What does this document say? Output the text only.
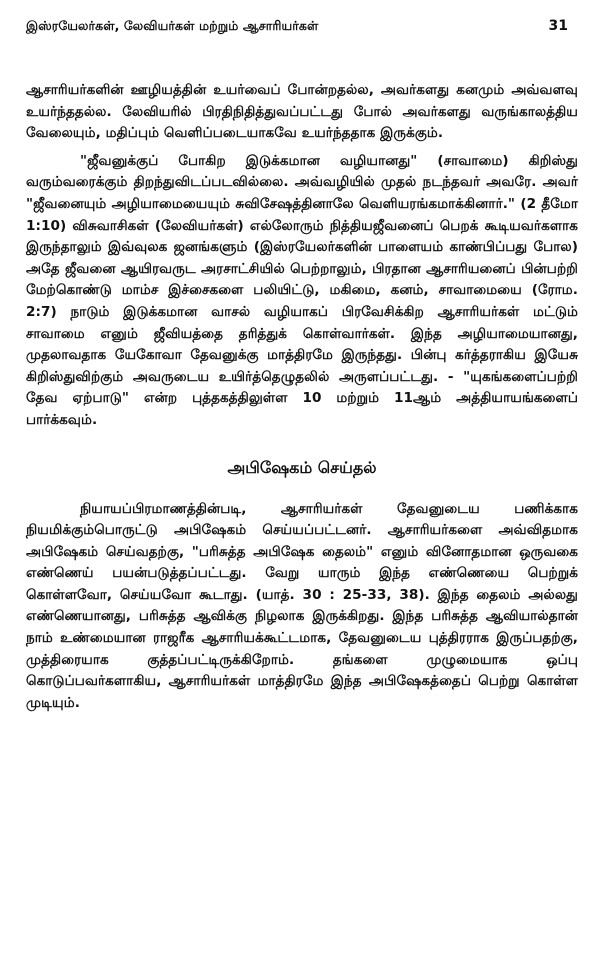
இஸ்ரயேலர்கள், லேவியர்கள் மற்றும் ஆசாரியர்கள்	31

ஆசாரியர்களின் ஊழியத்தின் உயர்வைப் போன்றதல்ல, அவர்களது கனமும் அவ்வளவு உயர்ந்ததல்ல. லேவியரில் பிரதிநிதித்துவப்பட்டது போல் அவர்களது வருங்காலத்திய வேலையும், மதிப்பும் வெளிப்படையாகவே உயர்ந்ததாக இருக்கும்.

"ஜீவனுக்குப் போகிற இடுக்கமான வழியானது" (சாவாமை) கிறிஸ்து வரும்வரைக்கும் திறந்துவிடப்படவில்லை. அவ்வழியில் முதல் நடந்தவர் அவரே. அவர் "ஜீவனையும் அழியாமையையும் சுவிசேஷத்தினாலே வெளியரங்கமாக்கினார்." (2 தீமோ 1:10) விசுவாசிகள் (லேவியர்கள்) எல்லோரும் நித்தியஜீவனைப் பெறக் கூடியவர்களாக இருந்தாலும் இவ்வுலக ஜனங்களும் (இஸ்ரயேலர்களின் பாளையம் காண்பிப்பது போல) அதே ஜீவனை ஆயிரவருட அரசாட்சியில் பெற்றாலும், பிரதான ஆசாரியனைப் பின்பற்றி மேற்கொண்டு மாம்ச இச்சைகளை பலியிட்டு, மகிமை, கனம், சாவாமையை (ரோம. 2:7) நாடும் இடுக்கமான வாசல் வழியாகப் பிரவேசிக்கிற ஆசாரியர்கள் மட்டும் சாவாமை எனும் ஜீவியத்தை தரித்துக் கொள்வார்கள். இந்த அழியாமையானது, முதலாவதாக யேகோவா தேவனுக்கு மாத்திரமே இருந்தது. பின்பு கர்த்தராகிய இயேசு கிறிஸ்துவிற்கும் அவருடைய உயிர்த்தெழுதலில் அருளப்பட்டது. - "யுகங்களைப்பற்றி தேவ ஏற்பாடு" என்ற புத்தகத்திலுள்ள 10 மற்றும் 11ஆம் அத்தியாயங்களைப் பார்க்கவும்.

அபிஷேகம் செய்தல்

நியாயப்பிரமாணத்தின்படி, ஆசாரியர்கள் தேவனுடைய பணிக்காக நியமிக்கும்பொருட்டு அபிஷேகம் செய்யப்பட்டனர். ஆசாரியர்களை அவ்விதமாக அபிஷேகம் செய்வதற்கு, "பரிசுத்த அபிஷேக தைலம்" எனும் வினோதமான ஒருவகை எண்ணெய் பயன்படுத்தப்பட்டது. வேறு யாரும் இந்த எண்ணெயை பெற்றுக் கொள்ளவோ, செய்யவோ கூடாது. (யாத். 30 : 25-33, 38). இந்த தைலம் அல்லது எண்ணெயானது, பரிசுத்த ஆவிக்கு நிழலாக இருக்கிறது. இந்த பரிசுத்த ஆவியால்தான் நாம் உண்மையான ராஜரீக ஆசாரியக்கூட்டமாக, தேவனுடைய புத்திரராக இருப்பதற்கு, முத்திரையாக குத்தப்பட்டிருக்கிறோம். தங்களை முழுமையாக ஒப்பு கொடுப்பவர்களாகிய, ஆசாரியர்கள் மாத்திரமே இந்த அபிஷேகத்தைப் பெற்று கொள்ள முடியும்.
